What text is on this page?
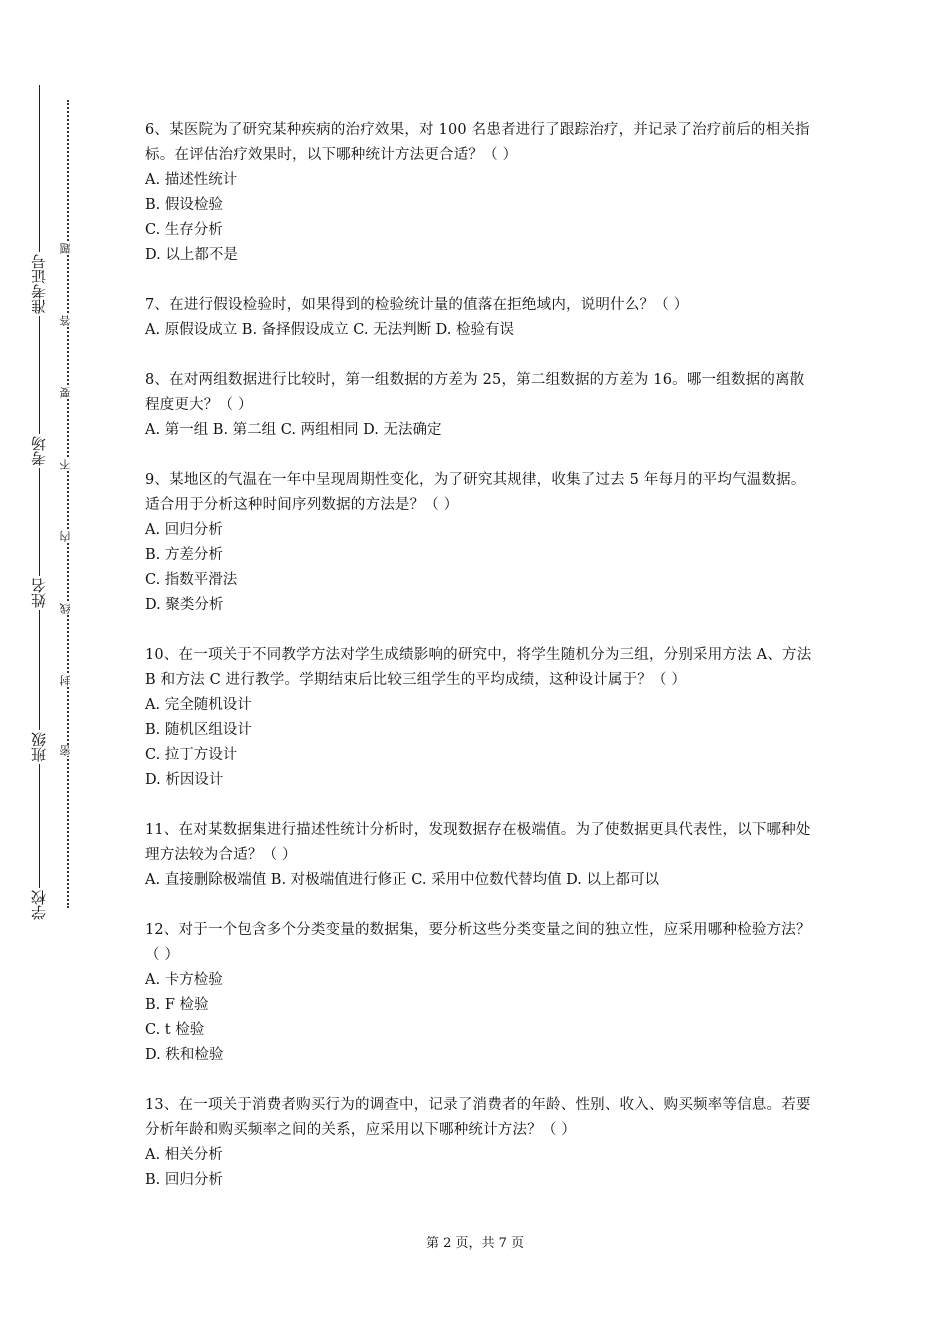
学校
班级
姓名
考场
准考证号
密
封
线
内
不
要
答
题
6、某医院为了研究某种疾病的治疗效果，对 100 名患者进行了跟踪治疗，并记录了治疗前后的相关指标。在评估治疗效果时，以下哪种统计方法更合适？（ ）
A. 描述性统计
B. 假设检验
C. 生存分析
D. 以上都不是
7、在进行假设检验时，如果得到的检验统计量的值落在拒绝域内，说明什么？（ ）
A. 原假设成立 B. 备择假设成立 C. 无法判断 D. 检验有误
8、在对两组数据进行比较时，第一组数据的方差为 25，第二组数据的方差为 16。哪一组数据的离散程度更大？（ ）
A. 第一组 B. 第二组 C. 两组相同 D. 无法确定
9、某地区的气温在一年中呈现周期性变化，为了研究其规律，收集了过去 5 年每月的平均气温数据。适合用于分析这种时间序列数据的方法是？（ ）
A. 回归分析
B. 方差分析
C. 指数平滑法
D. 聚类分析
10、在一项关于不同教学方法对学生成绩影响的研究中，将学生随机分为三组，分别采用方法 A、方法 B 和方法 C 进行教学。学期结束后比较三组学生的平均成绩，这种设计属于？（ ）
A. 完全随机设计
B. 随机区组设计
C. 拉丁方设计
D. 析因设计
11、在对某数据集进行描述性统计分析时，发现数据存在极端值。为了使数据更具代表性，以下哪种处理方法较为合适？（ ）
A. 直接删除极端值 B. 对极端值进行修正 C. 采用中位数代替均值 D. 以上都可以
12、对于一个包含多个分类变量的数据集，要分析这些分类变量之间的独立性，应采用哪种检验方法？（ ）
A. 卡方检验
B. F 检验
C. t 检验
D. 秩和检验
13、在一项关于消费者购买行为的调查中，记录了消费者的年龄、性别、收入、购买频率等信息。若要分析年龄和购买频率之间的关系，应采用以下哪种统计方法？（ ）
A. 相关分析
B. 回归分析
第 2 页，共 7 页
